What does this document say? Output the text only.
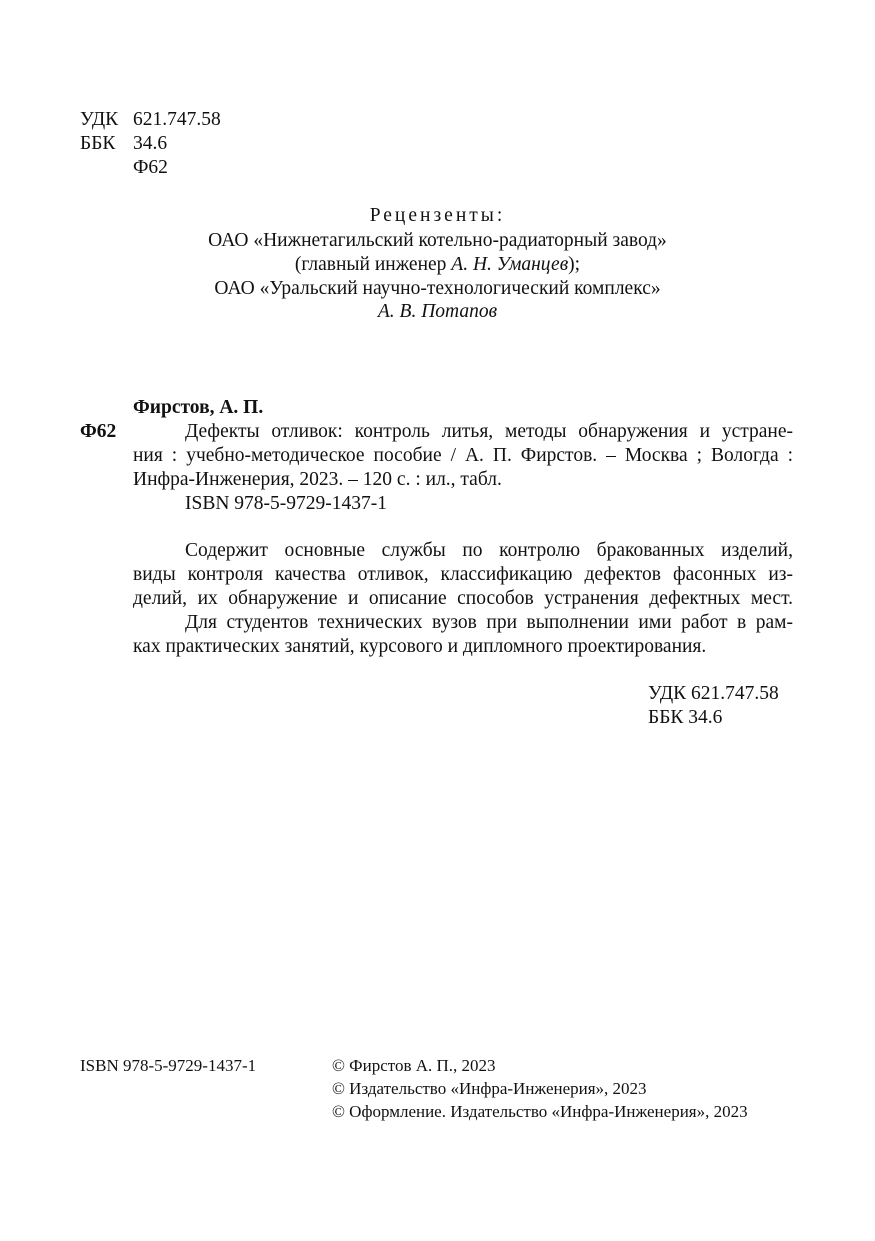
УДК 621.747.58
ББК 34.6
Ф62
Рецензенты:
ОАО «Нижнетагильский котельно-радиаторный завод»
(главный инженер А. Н. Уманцев);
ОАО «Уральский научно-технологический комплекс»
А. В. Потапов
Фирстов, А. П.
Ф62	Дефекты отливок: контроль литья, методы обнаружения и устране-
ния : учебно-методическое пособие / А. П. Фирстов. – Москва ; Вологда :
Инфра-Инженерия, 2023. – 120 с. : ил., табл.
ISBN 978-5-9729-1437-1
Содержит основные службы по контролю бракованных изделий,
виды контроля качества отливок, классификацию дефектов фасонных из-
делий, их обнаружение и описание способов устранения дефектных мест.
Для студентов технических вузов при выполнении ими работ в рам-
ках практических занятий, курсового и дипломного проектирования.
УДК 621.747.58
ББК 34.6
ISBN 978-5-9729-1437-1	© Фирстов А. П., 2023
© Издательство «Инфра-Инженерия», 2023
© Оформление. Издательство «Инфра-Инженерия», 2023
